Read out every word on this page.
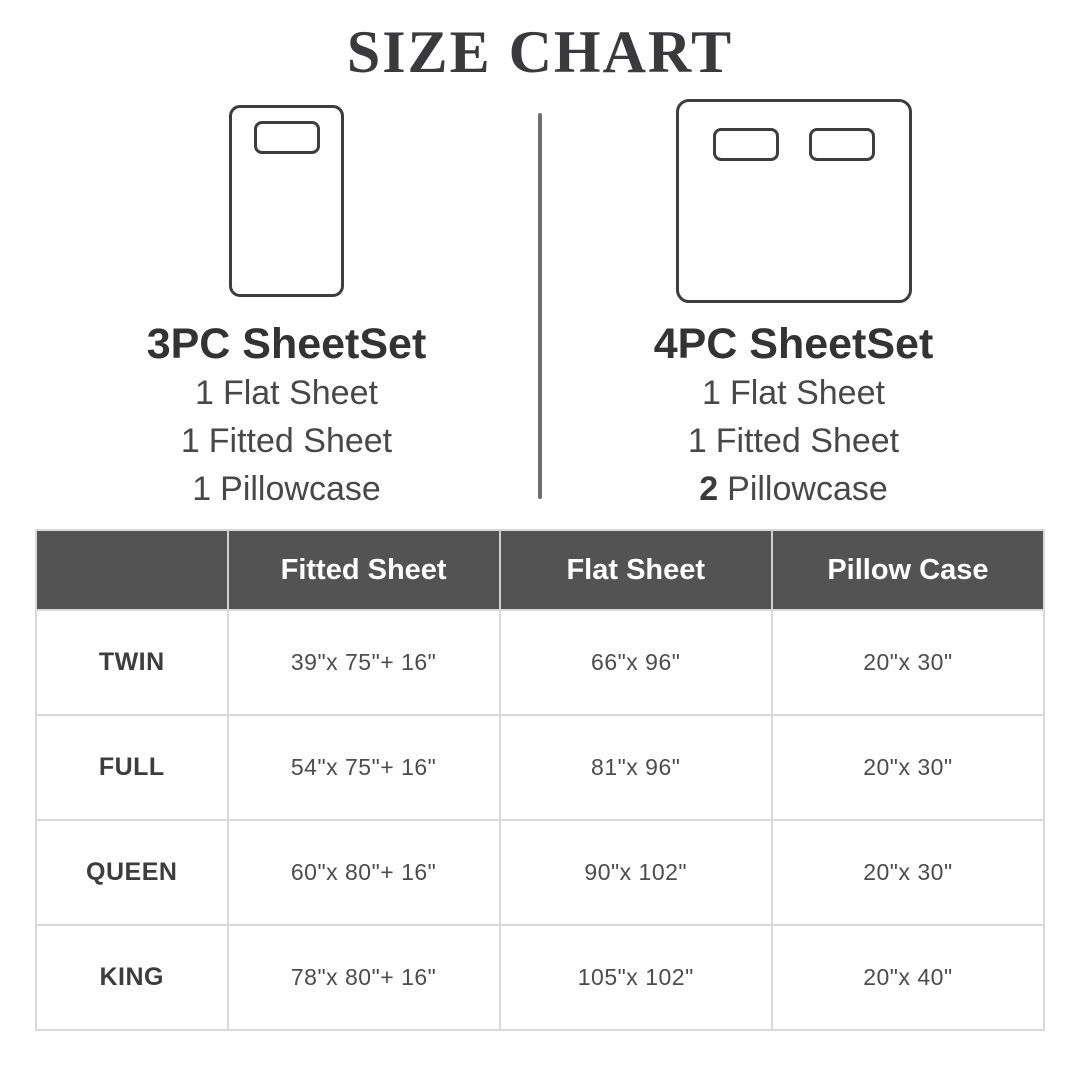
SIZE CHART
3PC SheetSet
1 Flat Sheet
1 Fitted Sheet
1 Pillowcase
4PC SheetSet
1 Flat Sheet
1 Fitted Sheet
2 Pillowcase
	Fitted Sheet	Flat Sheet	Pillow Case
TWIN	39"x 75"+ 16"	66"x 96"	20"x 30"
FULL	54"x 75"+ 16"	81"x 96"	20"x 30"
QUEEN	60"x 80"+ 16"	90"x 102"	20"x 30"
KING	78"x 80"+ 16"	105"x 102"	20"x 40"
